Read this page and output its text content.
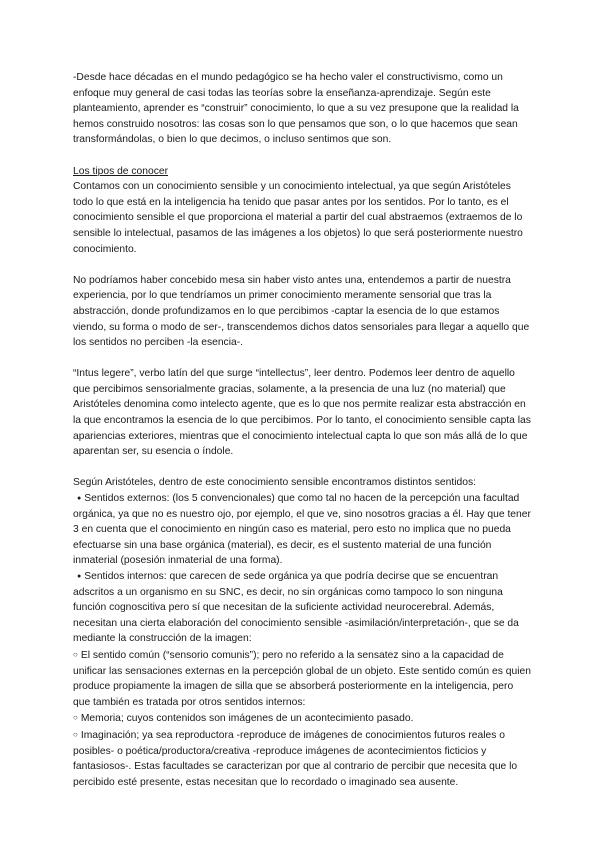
-Desde hace décadas en el mundo pedagógico se ha hecho valer el constructivismo, como un enfoque muy general de casi todas las teorías sobre la enseñanza-aprendizaje. Según este planteamiento, aprender es “construir” conocimiento, lo que a su vez presupone que la realidad la hemos construido nosotros: las cosas son lo que pensamos que son, o lo que hacemos que sean transformándolas, o bien lo que decimos, o incluso sentimos que son.

Los tipos de conocer

Contamos con un conocimiento sensible y un conocimiento intelectual, ya que según Aristóteles todo lo que está en la inteligencia ha tenido que pasar antes por los sentidos. Por lo tanto, es el conocimiento sensible el que proporciona el material a partir del cual abstraemos (extraemos de lo sensible lo intelectual, pasamos de las imágenes a los objetos) lo que será posteriormente nuestro conocimiento.

No podríamos haber concebido mesa sin haber visto antes una, entendemos a partir de nuestra experiencia, por lo que tendríamos un primer conocimiento meramente sensorial que tras la abstracción, donde profundizamos en lo que percibimos -captar la esencia de lo que estamos viendo, su forma o modo de ser-, transcendemos dichos datos sensoriales para llegar a aquello que los sentidos no perciben -la esencia-.

“Intus legere”, verbo latín del que surge “intellectus”, leer dentro. Podemos leer dentro de aquello que percibimos sensorialmente gracias, solamente, a la presencia de una luz (no material) que Aristóteles denomina como intelecto agente, que es lo que nos permite realizar esta abstracción en la que encontramos la esencia de lo que percibimos. Por lo tanto, el conocimiento sensible capta las apariencias exteriores, mientras que el conocimiento intelectual capta lo que son más allá de lo que aparentan ser, su esencia o índole.

Según Aristóteles, dentro de este conocimiento sensible encontramos distintos sentidos:

● Sentidos externos: (los 5 convencionales) que como tal no hacen de la percepción una facultad orgánica, ya que no es nuestro ojo, por ejemplo, el que ve, sino nosotros gracias a él. Hay que tener 3 en cuenta que el conocimiento en ningún caso es material, pero esto no implica que no pueda efectuarse sin una base orgánica (material), es decir, es el sustento material de una función inmaterial (posesión inmaterial de una forma).

● Sentidos internos: que carecen de sede orgánica ya que podría decirse que se encuentran adscritos a un organismo en su SNC, es decir, no sin orgánicas como tampoco lo son ninguna función cognoscitiva pero sí que necesitan de la suficiente actividad neurocerebral. Además, necesitan una cierta elaboración del conocimiento sensible -asimilación/interpretación-, que se da mediante la construcción de la imagen:

○ El sentido común (“sensorio comunis”); pero no referido a la sensatez sino a la capacidad de unificar las sensaciones externas en la percepción global de un objeto. Este sentido común es quien produce propiamente la imagen de silla que se absorberá posteriormente en la inteligencia, pero que también es tratada por otros sentidos internos:

○ Memoria; cuyos contenidos son imágenes de un acontecimiento pasado.

○ Imaginación; ya sea reproductora -reproduce de imágenes de conocimientos futuros reales o posibles- o poética/productora/creativa -reproduce imágenes de acontecimientos ficticios y fantasiosos-. Estas facultades se caracterizan por que al contrario de percibir que necesita que lo percibido esté presente, estas necesitan que lo recordado o imaginado sea ausente.
